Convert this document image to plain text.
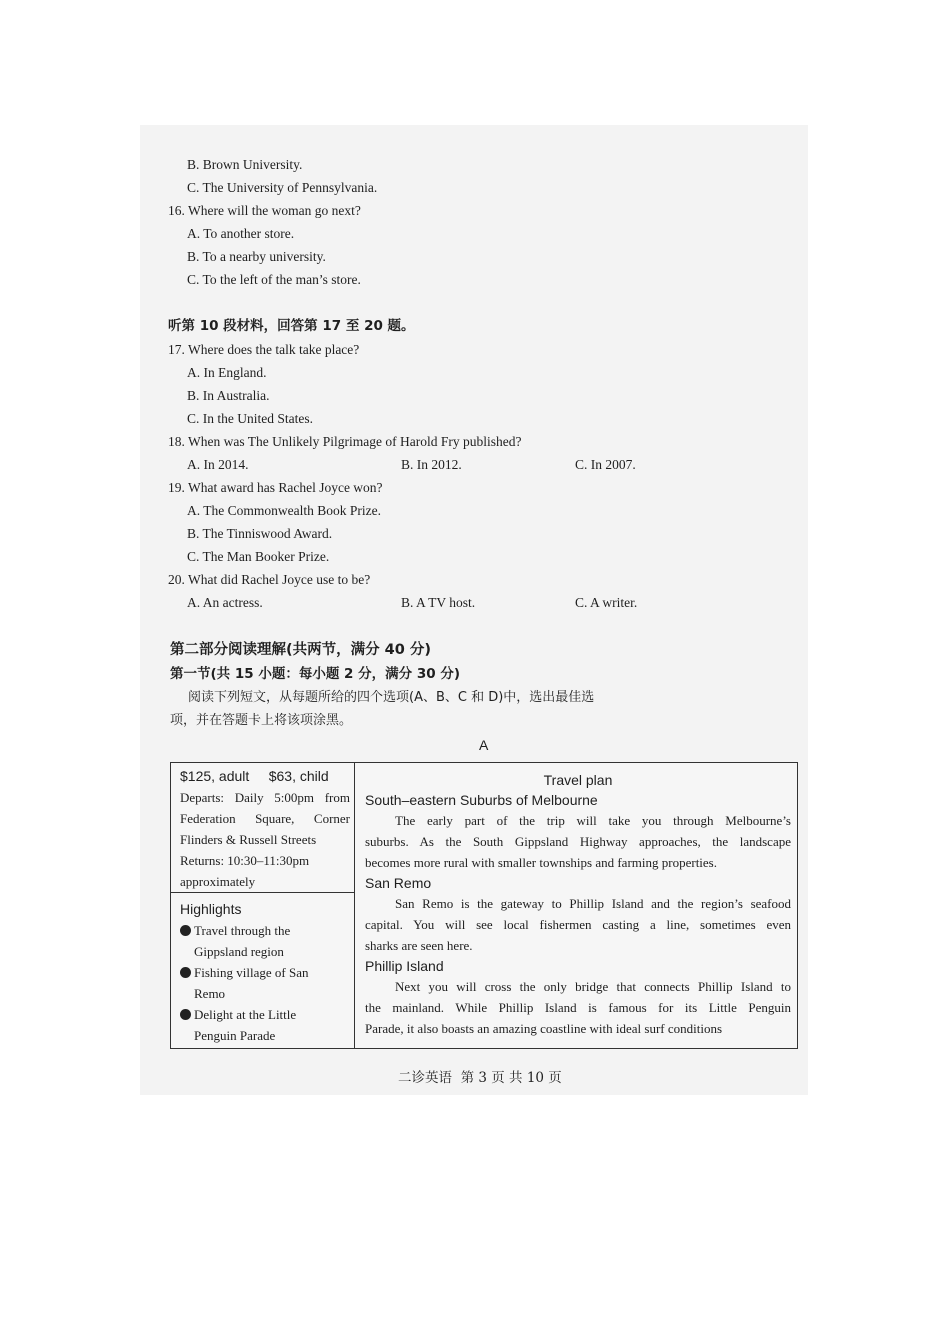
B. Brown University.
C. The University of Pennsylvania.
16. Where will the woman go next?
A. To another store.
B. To a nearby university.
C. To the left of the man’s store.
听第 10 段材料，回答第 17 至 20 题。
17. Where does the talk take place?
A. In England.
B. In Australia.
C. In the United States.
18. When was The Unlikely Pilgrimage of Harold Fry published?
A. In 2014.	B. In 2012.	C. In 2007.
19. What award has Rachel Joyce won?
A. The Commonwealth Book Prize.
B. The Tinniswood Award.
C. The Man Booker Prize.
20. What did Rachel Joyce use to be?
A. An actress.	B. A TV host.	C. A writer.
第二部分阅读理解(共两节，满分 40 分)
第一节(共 15 小题：每小题 2 分，满分 30 分)
阅读下列短文，从每题所给的四个选项(A、B、C 和 D)中，选出最佳选
项，并在答题卡上将该项涂黑。
A
$125, adult     $63, child
Departs: Daily 5:00pm from
Federation Square, Corner
Flinders & Russell Streets
Returns: 10:30–11:30pm
approximately
Highlights
Travel through the
Gippsland region
Fishing village of San
Remo
Delight at the Little
Penguin Parade
Travel plan
South–eastern Suburbs of Melbourne
The early part of the trip will take you through Melbourne’s
suburbs. As the South Gippsland Highway approaches, the landscape
becomes more rural with smaller townships and farming properties.
San Remo
San Remo is the gateway to Phillip Island and the region’s seafood
capital. You will see local fishermen casting a line, sometimes even
sharks are seen here.
Phillip Island
Next you will cross the only bridge that connects Phillip Island to
the mainland. While Phillip Island is famous for its Little Penguin
Parade, it also boasts an amazing coastline with ideal surf conditions
二诊英语  第 3 页 共 10 页
